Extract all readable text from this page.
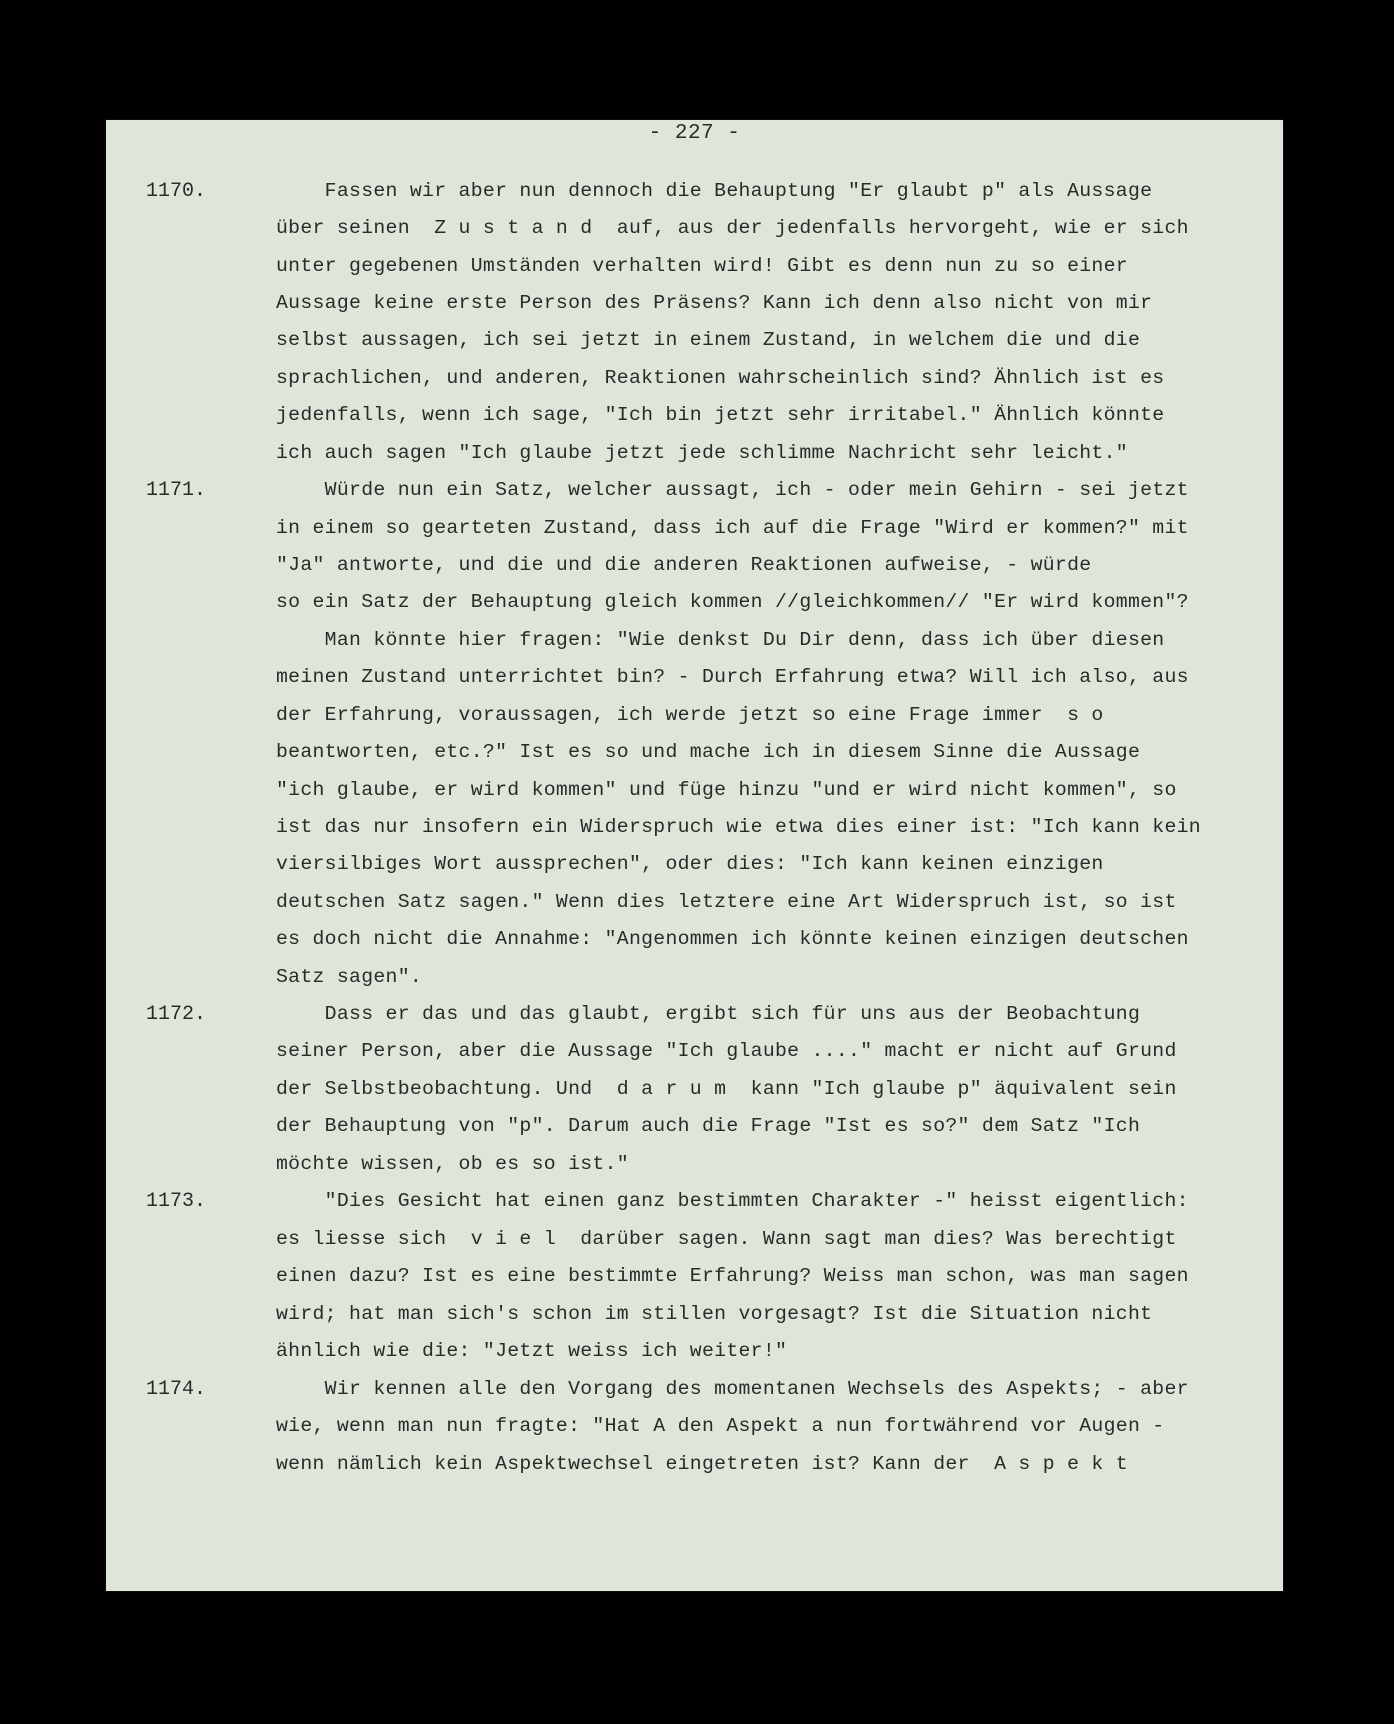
- 227 -
1170.	Fassen wir aber nun dennoch die Behauptung "Er glaubt p" als Aussage
über seinen  Z u s t a n d  auf, aus der jedenfalls hervorgeht, wie er sich
unter gegebenen Umständen verhalten wird! Gibt es denn nun zu so einer
Aussage keine erste Person des Präsens? Kann ich denn also nicht von mir
selbst aussagen, ich sei jetzt in einem Zustand, in welchem die und die
sprachlichen, und anderen, Reaktionen wahrscheinlich sind? Ähnlich ist es
jedenfalls, wenn ich sage, "Ich bin jetzt sehr irritabel." Ähnlich könnte
ich auch sagen "Ich glaube jetzt jede schlimme Nachricht sehr leicht."
1171.	Würde nun ein Satz, welcher aussagt, ich - oder mein Gehirn - sei jetzt
in einem so gearteten Zustand, dass ich auf die Frage "Wird er kommen?" mit
"Ja" antworte, und die und die anderen Reaktionen aufweise, - würde
so ein Satz der Behauptung gleich kommen //gleichkommen// "Er wird kommen"?
Man könnte hier fragen: "Wie denkst Du Dir denn, dass ich über diesen
meinen Zustand unterrichtet bin? - Durch Erfahrung etwa? Will ich also, aus
der Erfahrung, voraussagen, ich werde jetzt so eine Frage immer  s o
beantworten, etc.?" Ist es so und mache ich in diesem Sinne die Aussage
"ich glaube, er wird kommen" und füge hinzu "und er wird nicht kommen", so
ist das nur insofern ein Widerspruch wie etwa dies einer ist: "Ich kann kein
viersilbiges Wort aussprechen", oder dies: "Ich kann keinen einzigen
deutschen Satz sagen." Wenn dies letztere eine Art Widerspruch ist, so ist
es doch nicht die Annahme: "Angenommen ich könnte keinen einzigen deutschen
Satz sagen".
1172.	Dass er das und das glaubt, ergibt sich für uns aus der Beobachtung
seiner Person, aber die Aussage "Ich glaube ...." macht er nicht auf Grund
der Selbstbeobachtung. Und  d a r u m  kann "Ich glaube p" äquivalent sein
der Behauptung von "p". Darum auch die Frage "Ist es so?" dem Satz "Ich
möchte wissen, ob es so ist."
1173.	"Dies Gesicht hat einen ganz bestimmten Charakter -" heisst eigentlich:
es liesse sich  v i e l  darüber sagen. Wann sagt man dies? Was berechtigt
einen dazu? Ist es eine bestimmte Erfahrung? Weiss man schon, was man sagen
wird; hat man sich's schon im stillen vorgesagt? Ist die Situation nicht
ähnlich wie die: "Jetzt weiss ich weiter!"
1174.	Wir kennen alle den Vorgang des momentanen Wechsels des Aspekts; - aber
wie, wenn man nun fragte: "Hat A den Aspekt a nun fortwährend vor Augen -
wenn nämlich kein Aspektwechsel eingetreten ist? Kann der  A s p e k t
